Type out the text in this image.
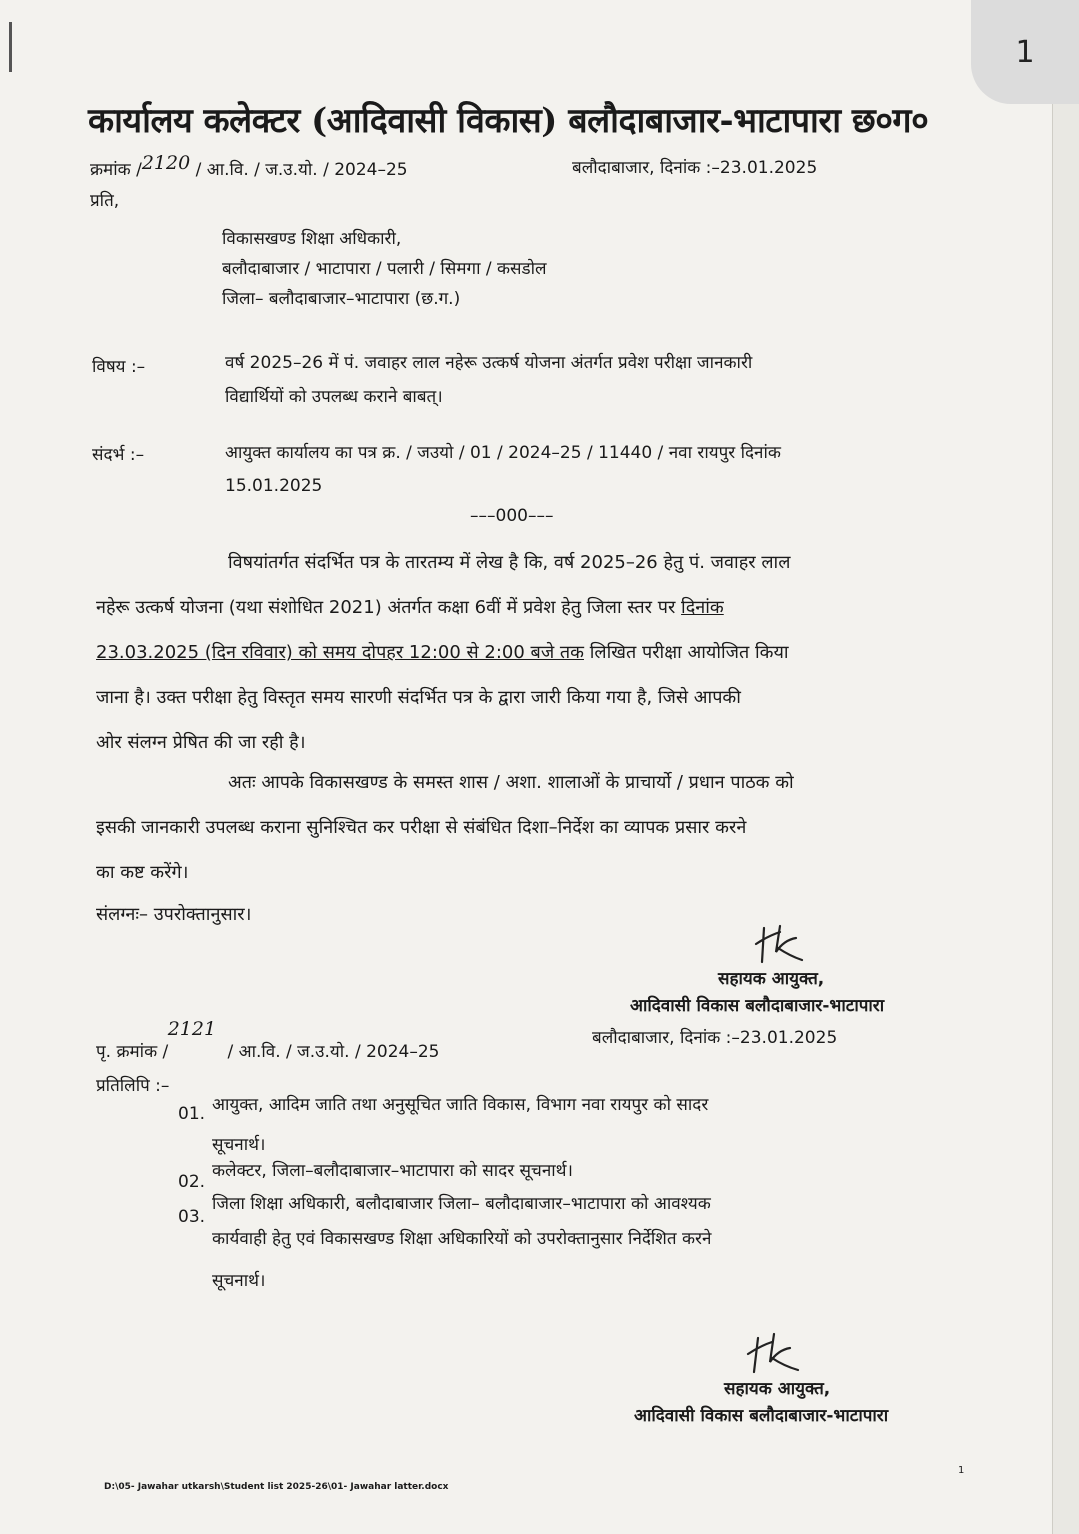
कार्यालय कलेक्टर (आदिवासी विकास) बलौदाबाजार-भाटापारा छ०ग०
क्रमांक /2120 / आ.वि. / ज.उ.यो. / 2024–25	बलौदाबाजार, दिनांक :–23.01.2025
प्रति,
विकासखण्ड शिक्षा अधिकारी,
बलौदाबाजार / भाटापारा / पलारी / सिमगा / कसडोल
जिला– बलौदाबाजार–भाटापारा (छ.ग.)
विषय :–	वर्ष 2025–26 में पं. जवाहर लाल नहेरू उत्कर्ष योजना अंतर्गत प्रवेश परीक्षा जानकारी
विद्यार्थियों को उपलब्ध कराने बाबत्।
संदर्भ :–	आयुक्त कार्यालय का पत्र क्र. / जउयो / 01 / 2024–25 / 11440 / नवा रायपुर दिनांक
15.01.2025
–––000–––
विषयांतर्गत संदर्भित पत्र के तारतम्य में लेख है कि, वर्ष 2025–26 हेतु पं. जवाहर लाल
नहेरू उत्कर्ष योजना (यथा संशोधित 2021) अंतर्गत कक्षा 6वीं में प्रवेश हेतु जिला स्तर पर दिनांक
23.03.2025 (दिन रविवार) को समय दोपहर 12:00 से 2:00 बजे तक लिखित परीक्षा आयोजित किया
जाना है। उक्त परीक्षा हेतु विस्तृत समय सारणी संदर्भित पत्र के द्वारा जारी किया गया है, जिसे आपकी
ओर संलग्न प्रेषित की जा रही है।
अतः आपके विकासखण्ड के समस्त शास / अशा. शालाओं के प्राचार्यो / प्रधान पाठक को
इसकी जानकारी उपलब्ध कराना सुनिश्चित कर परीक्षा से संबंधित दिशा–निर्देश का व्यापक प्रसार करने
का कष्ट करेंगे।
संलग्नः– उपरोक्तानुसार।
सहायक आयुक्त,
आदिवासी विकास बलौदाबाजार-भाटापारा
पृ. क्रमांक / 2121 / आ.वि. / ज.उ.यो. / 2024–25
बलौदाबाजार, दिनांक :–23.01.2025
प्रतिलिपि :–
01. आयुक्त, आदिम जाति तथा अनुसूचित जाति विकास, विभाग नवा रायपुर को सादर
सूचनार्थ।
02.
कलेक्टर, जिला–बलौदाबाजार–भाटापारा को सादर सूचनार्थ।
03.
जिला शिक्षा अधिकारी, बलौदाबाजार जिला– बलौदाबाजार–भाटापारा को आवश्यक
कार्यवाही हेतु एवं विकासखण्ड शिक्षा अधिकारियों को उपरोक्तानुसार निर्देशित करने
सूचनार्थ।
सहायक आयुक्त,
आदिवासी विकास बलौदाबाजार-भाटापारा
1
D:\05- Jawahar utkarsh\Student list 2025-26\01- Jawahar latter.docx
1
